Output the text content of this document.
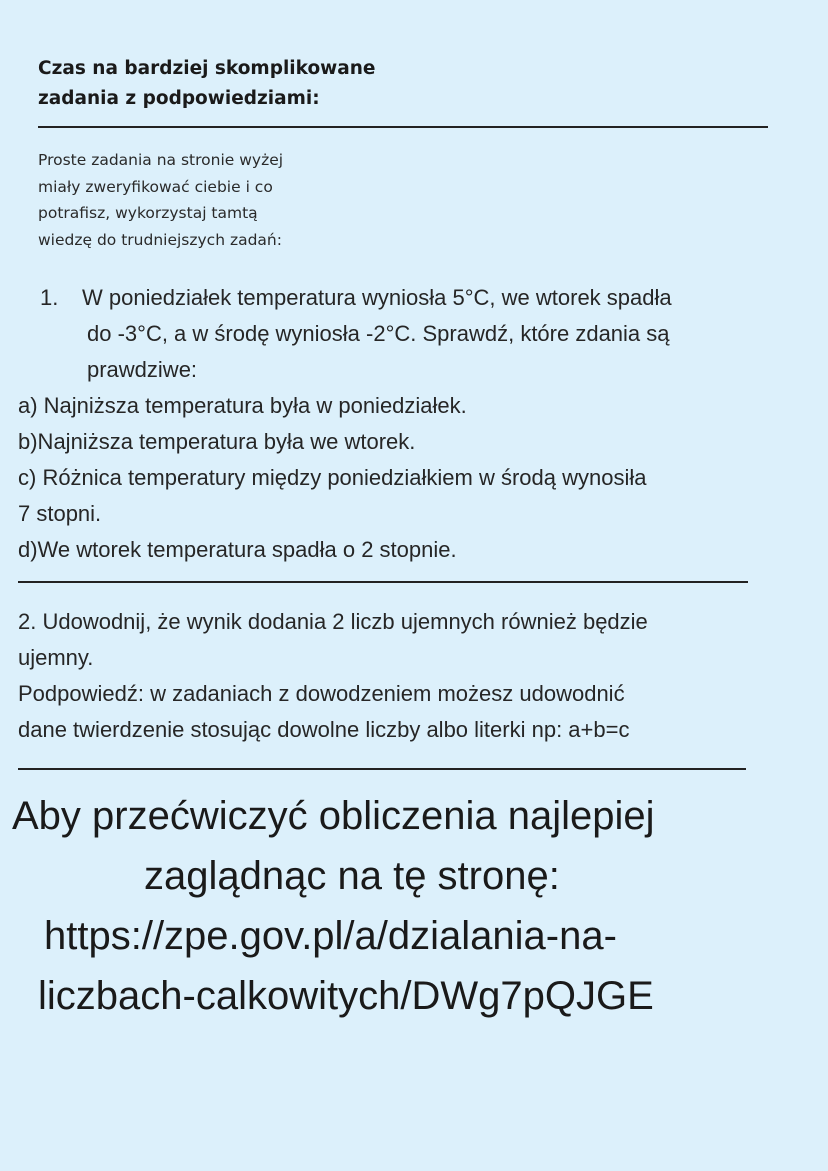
Czas na bardziej skomplikowane
zadania z podpowiedziami:
Proste zadania na stronie wyżej
miały zweryfikować ciebie i co
potrafisz, wykorzystaj tamtą
wiedzę do trudniejszych zadań:
1.	W poniedziałek temperatura wyniosła 5°C, we wtorek spadła
do -3°C, a w środę wyniosła -2°C. Sprawdź, które zdania są
prawdziwe:
a) Najniższa temperatura była w poniedziałek.
b)Najniższa temperatura była we wtorek.
c) Różnica temperatury między poniedziałkiem w środą wynosiła
7 stopni.
d)We wtorek temperatura spadła o 2 stopnie.
2. Udowodnij, że wynik dodania 2 liczb ujemnych również będzie
ujemny.
Podpowiedź: w zadaniach z dowodzeniem możesz udowodnić
dane twierdzenie stosując dowolne liczby albo literki np: a+b=c
Aby przećwiczyć obliczenia najlepiej
zaglądnąc na tę stronę:
https://zpe.gov.pl/a/dzialania-na-
liczbach-calkowitych/DWg7pQJGE
